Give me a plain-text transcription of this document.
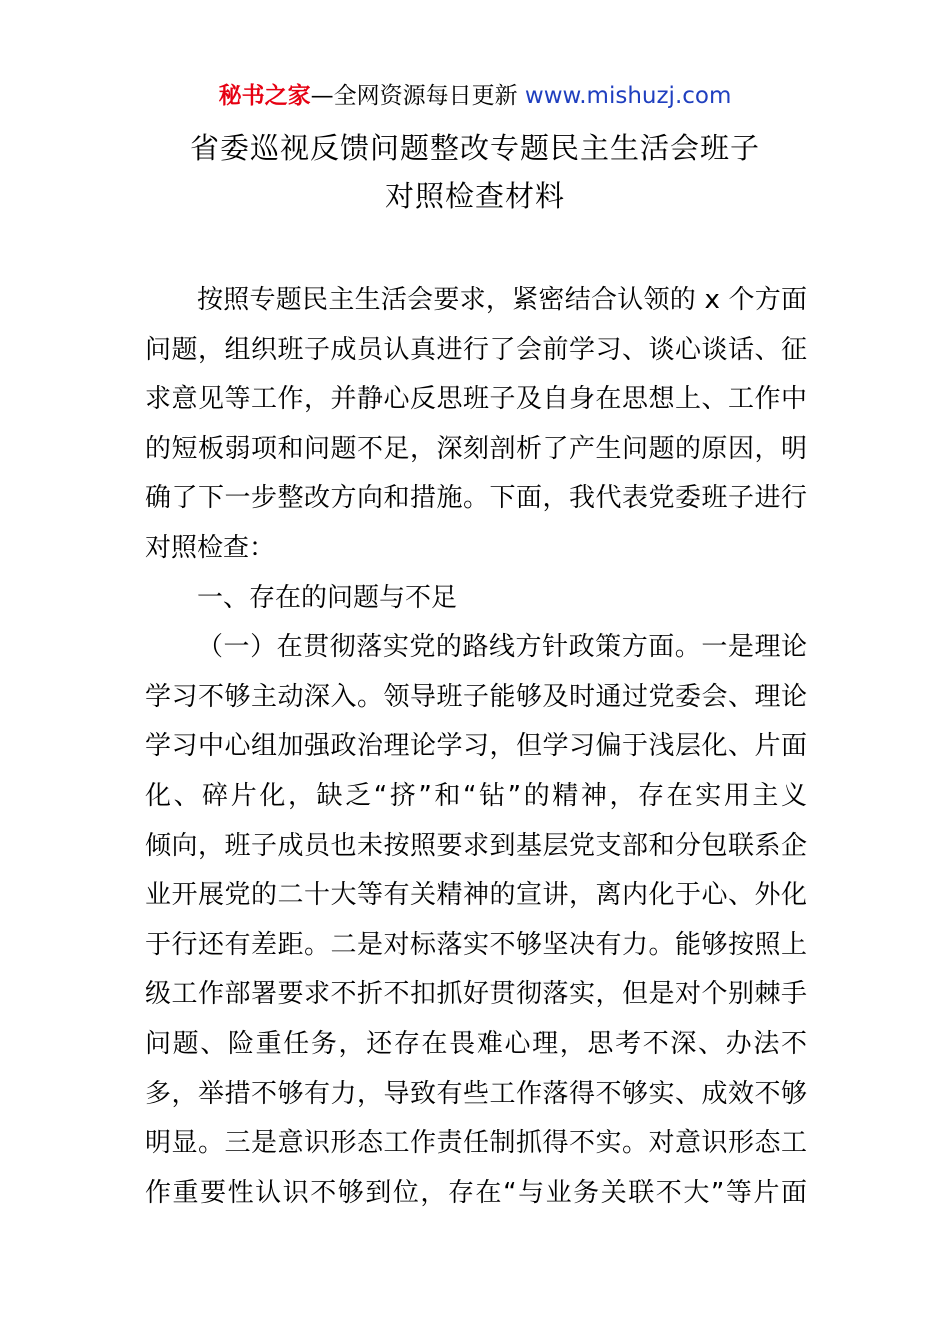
秘书之家—全网资源每日更新 www.mishuzj.com
省委巡视反馈问题整改专题民主生活会班子
对照检查材料
按照专题民主生活会要求，紧密结合认领的 x 个方面
问题，组织班子成员认真进行了会前学习、谈心谈话、征
求意见等工作，并静心反思班子及自身在思想上、工作中
的短板弱项和问题不足，深刻剖析了产生问题的原因，明
确了下一步整改方向和措施。下面，我代表党委班子进行
对照检查：
一、存在的问题与不足
（一）在贯彻落实党的路线方针政策方面。一是理论
学习不够主动深入。领导班子能够及时通过党委会、理论
学习中心组加强政治理论学习，但学习偏于浅层化、片面
化、碎片化，缺乏“挤”和“钻”的精神，存在实用主义
倾向，班子成员也未按照要求到基层党支部和分包联系企
业开展党的二十大等有关精神的宣讲，离内化于心、外化
于行还有差距。二是对标落实不够坚决有力。能够按照上
级工作部署要求不折不扣抓好贯彻落实，但是对个别棘手
问题、险重任务，还存在畏难心理，思考不深、办法不
多，举措不够有力，导致有些工作落得不够实、成效不够
明显。三是意识形态工作责任制抓得不实。对意识形态工
作重要性认识不够到位，存在“与业务关联不大”等片面
